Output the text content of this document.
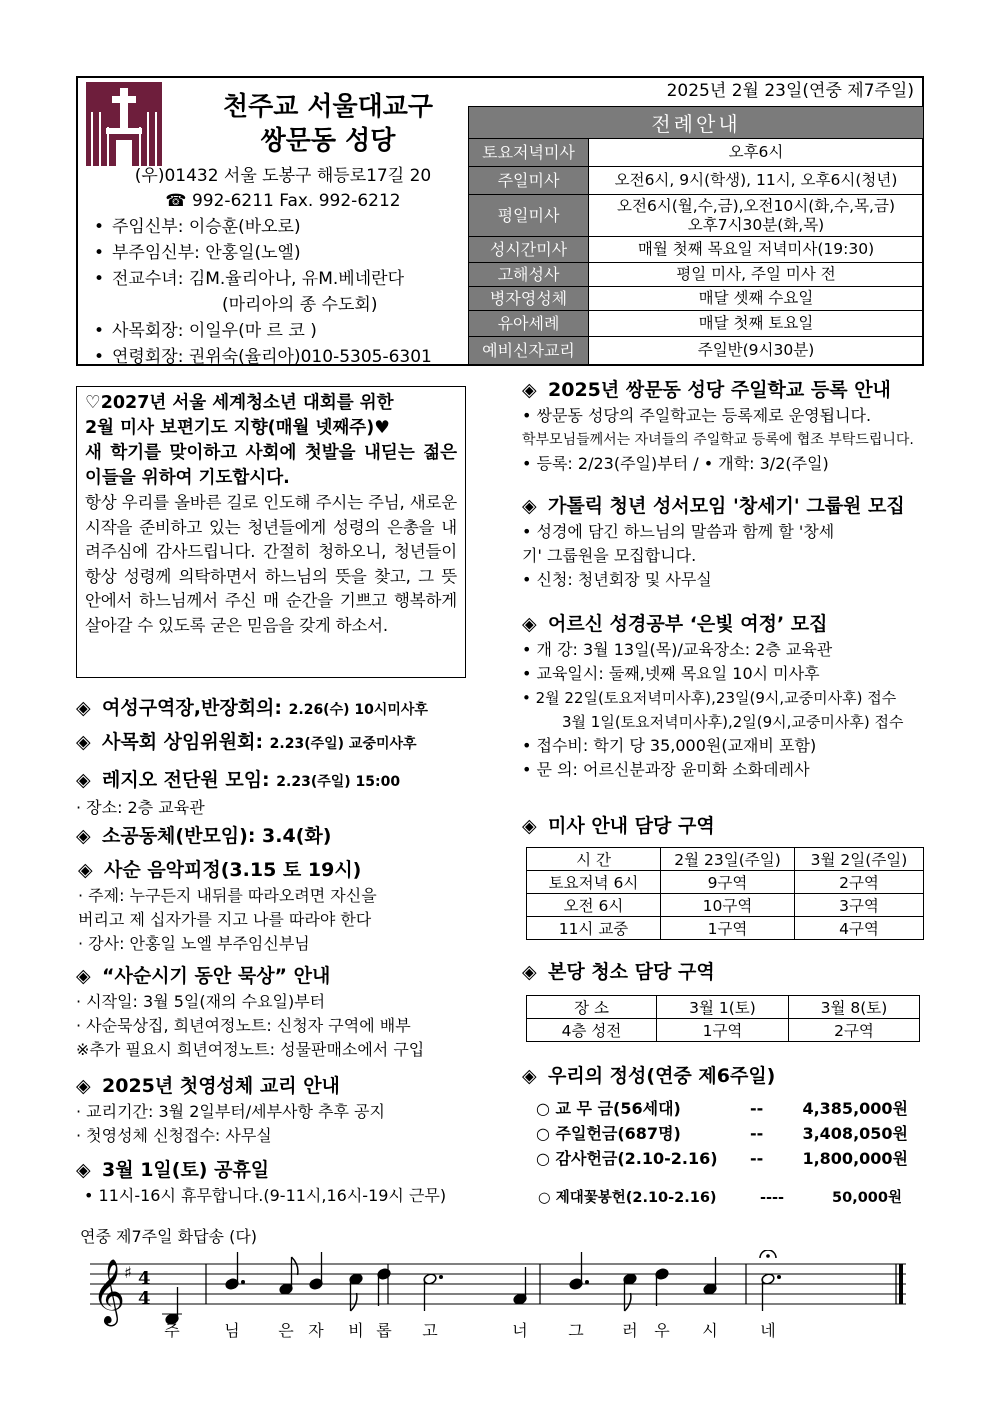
천주교 서울대교구
쌍문동 성당
(우)01432 서울 도봉구 해등로17길 20
☎ 992-6211 Fax. 992-6212
• 주임신부: 이승훈(바오로)
• 부주임신부: 안홍일(노엘)
• 전교수녀: 김M.율리아나, 유M.베네란다
(마리아의 종 수도회)
• 사목회장: 이일우(마 르 코 )
• 연령회장: 권위숙(율리아)010-5305-6301
2025년 2월 23일(연중 제7주일)
전례안내	
토요저녁미사	오후6시
주일미사	오전6시, 9시(학생), 11시, 오후6시(청년)
평일미사	오전6시(월,수,금),오전10시(화,수,목,금)
오후7시30분(화,목)

성시간미사	매월 첫째 목요일 저녁미사(19:30)
고해성사	평일 미사, 주일 미사 전
병자영성체	매달 셋째 수요일
유아세례	매달 첫째 토요일
예비신자교리	주일반(9시30분)
♡2027년 서울 세계청소년 대회를 위한
2월 미사 보편기도 지향(매월 넷째주)♥
새 학기를 맞이하고 사회에 첫발을 내딛는 젊은이들을 위하여 기도합시다.
항상 우리를 올바른 길로 인도해 주시는 주님, 새로운 시작을 준비하고 있는 청년들에게 성령의 은총을 내려주심에 감사드립니다. 간절히 청하오니, 청년들이 항상 성령께 의탁하면서 하느님의 뜻을 찾고, 그 뜻 안에서 하느님께서 주신 매 순간을 기쁘고 행복하게 살아갈 수 있도록 굳은 믿음을 갖게 하소서.
◈ 여성구역장,반장회의: 2.26(수) 10시미사후
◈ 사목회 상임위원회: 2.23(주일) 교중미사후
◈ 레지오 전단원 모임: 2.23(주일) 15:00
· 장소: 2층 교육관
◈ 소공동체(반모임): 3.4(화)
◈ 사순 음악피정(3.15 토 19시)
· 주제: 누구든지 내뒤를 따라오려면 자신을
버리고 제 십자가를 지고 나를 따라야 한다
· 강사: 안홍일 노엘 부주임신부님
◈ “사순시기 동안 묵상” 안내
· 시작일: 3월 5일(재의 수요일)부터
· 사순묵상집, 희년여정노트: 신청자 구역에 배부
※추가 필요시 희년여정노트: 성물판매소에서 구입
◈ 2025년 첫영성체 교리 안내
· 교리기간: 3월 2일부터/세부사항 추후 공지
· 첫영성체 신청접수: 사무실
◈ 3월 1일(토) 공휴일
• 11시-16시 휴무합니다.(9-11시,16시-19시 근무)
◈ 2025년 쌍문동 성당 주일학교 등록 안내
• 쌍문동 성당의 주일학교는 등록제로 운영됩니다.
학부모님들께서는 자녀들의 주일학교 등록에 협조 부탁드립니다.
• 등록: 2/23(주일)부터 / • 개학: 3/2(주일)
◈ 가톨릭 청년 성서모임 '창세기' 그룹원 모집
• 성경에 담긴 하느님의 말씀과 함께 할 '창세
기' 그룹원을 모집합니다.
• 신청: 청년회장 및 사무실
◈ 어르신 성경공부 ‘은빛 여정’ 모집
• 개 강: 3월 13일(목)/교육장소: 2층 교육관
• 교육일시: 둘째,넷째 목요일 10시 미사후
• 2월 22일(토요저녁미사후),23일(9시,교중미사후) 접수
3월 1일(토요저녁미사후),2일(9시,교중미사후) 접수
• 접수비: 학기 당 35,000원(교재비 포함)
• 문 의: 어르신분과장 윤미화 소화데레사
◈ 미사 안내 담당 구역
시 간	2월 23일(주일)	3월 2일(주일)
토요저녁 6시	9구역	2구역
오전 6시	10구역	3구역
11시 교중	1구역	4구역
◈ 본당 청소 담당 구역
장 소	3월 1(토)	3월 8(토)
4층 성전	1구역	2구역
◈ 우리의 정성(연중 제6주일)
○ 교 무 금(56세대)	-- 4,385,000원
○ 주일헌금(687명)	-- 3,408,050원
○ 감사헌금(2.10-2.16) -- 1,800,000원
○ 제대꽃봉헌(2.10-2.16)	----	50,000원
연중 제7주일 화답송 (다)
𝄞
♯ 4
4
주	님 은 자 비 롭 고	너	그 러 우 시	네
